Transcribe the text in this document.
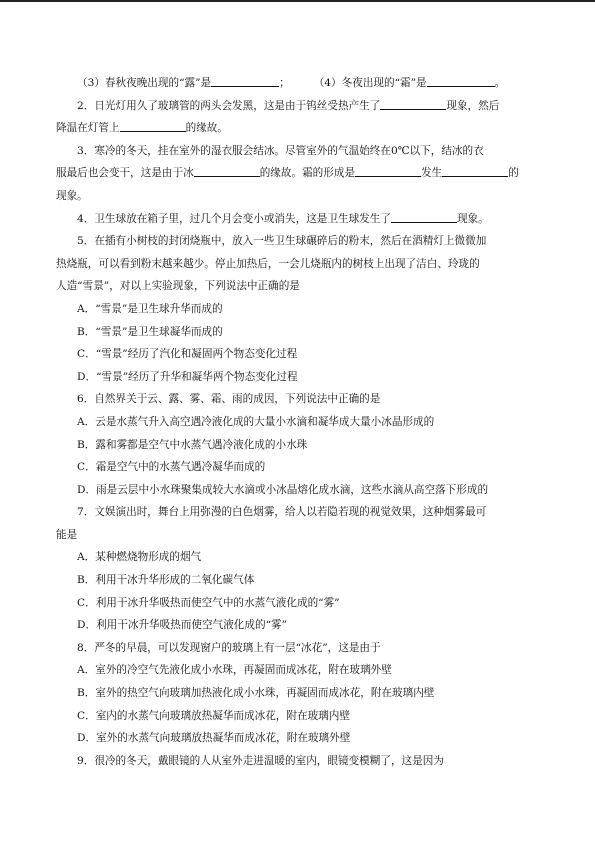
（3）春秋夜晚出现的“露”是	； （4）冬夜出现的“霜”是	。
2．日光灯用久了玻璃管的两头会发黑，这是由于钨丝受热产生了	现象，然后
降温在灯管上	的缘故。
3．寒冷的冬天，挂在室外的湿衣服会结冰。尽管室外的气温始终在0℃以下，结冰的衣
服最后也会变干，这是由于冰	的缘故。霜的形成是	发生	的
现象。
4．卫生球放在箱子里，过几个月会变小或消失，这是卫生球发生了	现象。
5．在插有小树枝的封闭烧瓶中，放入一些卫生球碾碎后的粉末，然后在酒精灯上微微加
热烧瓶，可以看到粉末越来越少。停止加热后，一会儿烧瓶内的树枝上出现了洁白、玲珑的
人造“雪景”，对以上实验现象，下列说法中正确的是
A．“雪景”是卫生球升华而成的
B．“雪景”是卫生球凝华而成的
C．“雪景”经历了汽化和凝固两个物态变化过程
D．“雪景”经历了升华和凝华两个物态变化过程
6．自然界关于云、露、雾、霜、雨的成因，下列说法中正确的是
A．云是水蒸气升入高空遇冷液化成的大量小水滴和凝华成大量小冰晶形成的
B．露和雾都是空气中水蒸气遇冷液化成的小水珠
C．霜是空气中的水蒸气遇冷凝华而成的
D．雨是云层中小水珠聚集成较大水滴或小冰晶熔化成水滴，这些水滴从高空落下形成的
7．文娱演出时，舞台上用弥漫的白色烟雾，给人以若隐若现的视觉效果，这种烟雾最可
能是
A．某种燃烧物形成的烟气
B．利用干冰升华形成的二氧化碳气体
C．利用干冰升华吸热而使空气中的水蒸气液化成的“雾”
D．利用干冰升华吸热而使空气液化成的“雾”
8．严冬的早晨，可以发现窗户的玻璃上有一层“冰花”，这是由于
A．室外的冷空气先液化成小水珠，再凝固而成冰花，附在玻璃外壁
B．室外的热空气向玻璃加热液化成小水珠，再凝固而成冰花，附在玻璃内壁
C．室内的水蒸气向玻璃放热凝华而成冰花，附在玻璃内壁
D．室外的水蒸气向玻璃放热凝华而成冰花，附在玻璃外壁
9．很冷的冬天，戴眼镜的人从室外走进温暖的室内，眼镜变模糊了，这是因为
